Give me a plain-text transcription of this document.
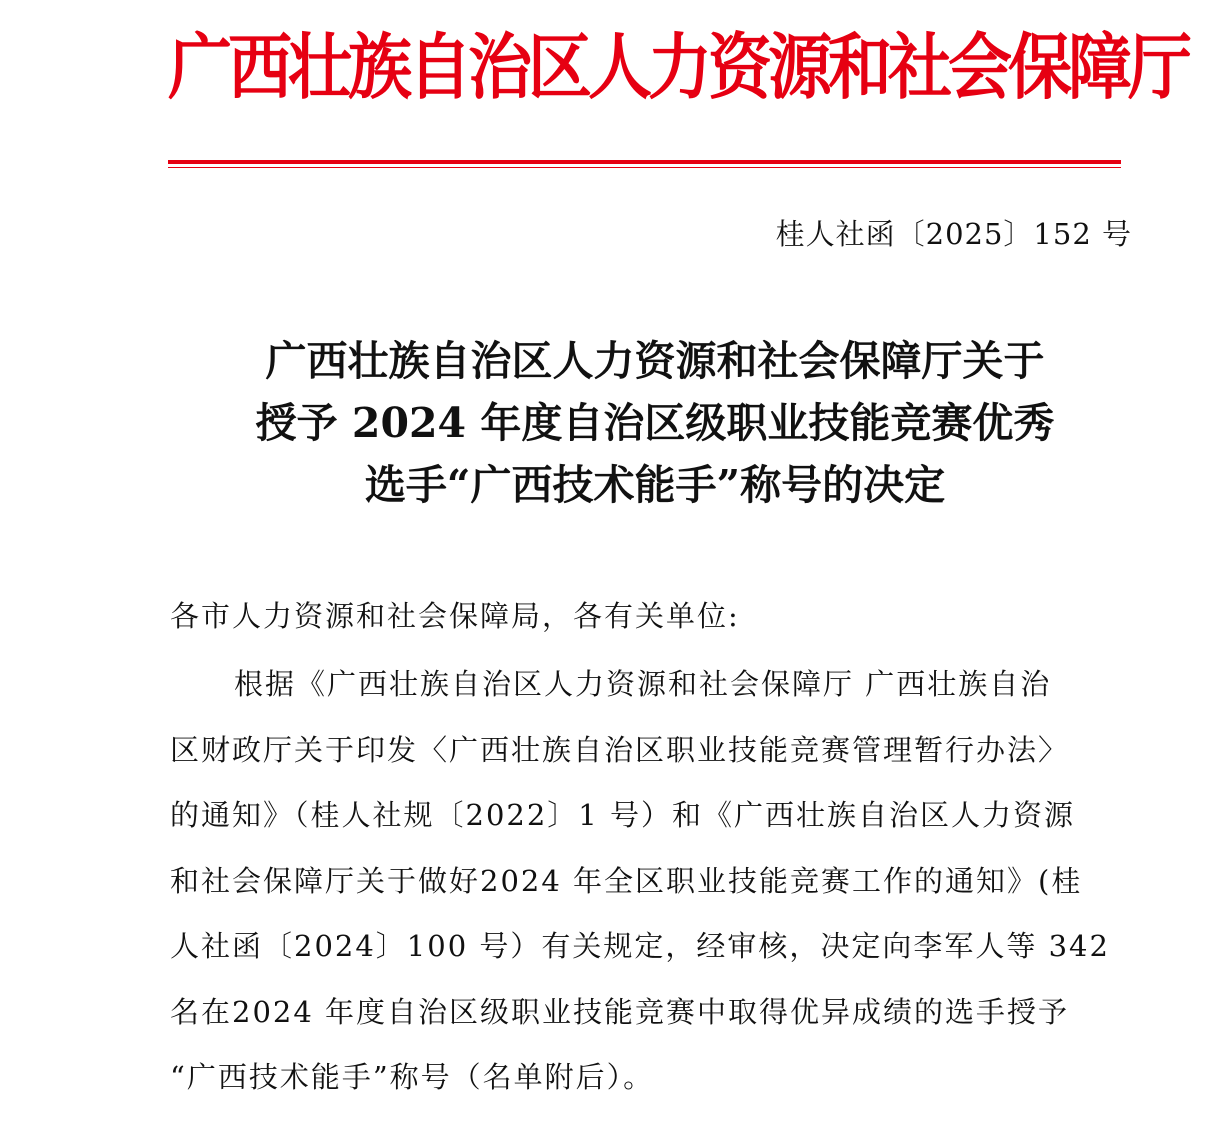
广西壮族自治区人力资源和社会保障厅
桂人社函〔2025〕152 号
广西壮族自治区人力资源和社会保障厅关于
授予 2024 年度自治区级职业技能竞赛优秀
选手“广西技术能手”称号的决定
各市人力资源和社会保障局，各有关单位:
根据《广西壮族自治区人力资源和社会保障厅 广西壮族自治
区财政厅关于印发〈广西壮族自治区职业技能竞赛管理暂行办法〉
的通知》（桂人社规〔2022〕1 号）和《广西壮族自治区人力资源
和社会保障厅关于做好2024 年全区职业技能竞赛工作的通知》(桂
人社函〔2024〕100 号）有关规定，经审核，决定向李军人等 342
名在2024 年度自治区级职业技能竞赛中取得优异成绩的选手授予
“广西技术能手”称号（名单附后）。
